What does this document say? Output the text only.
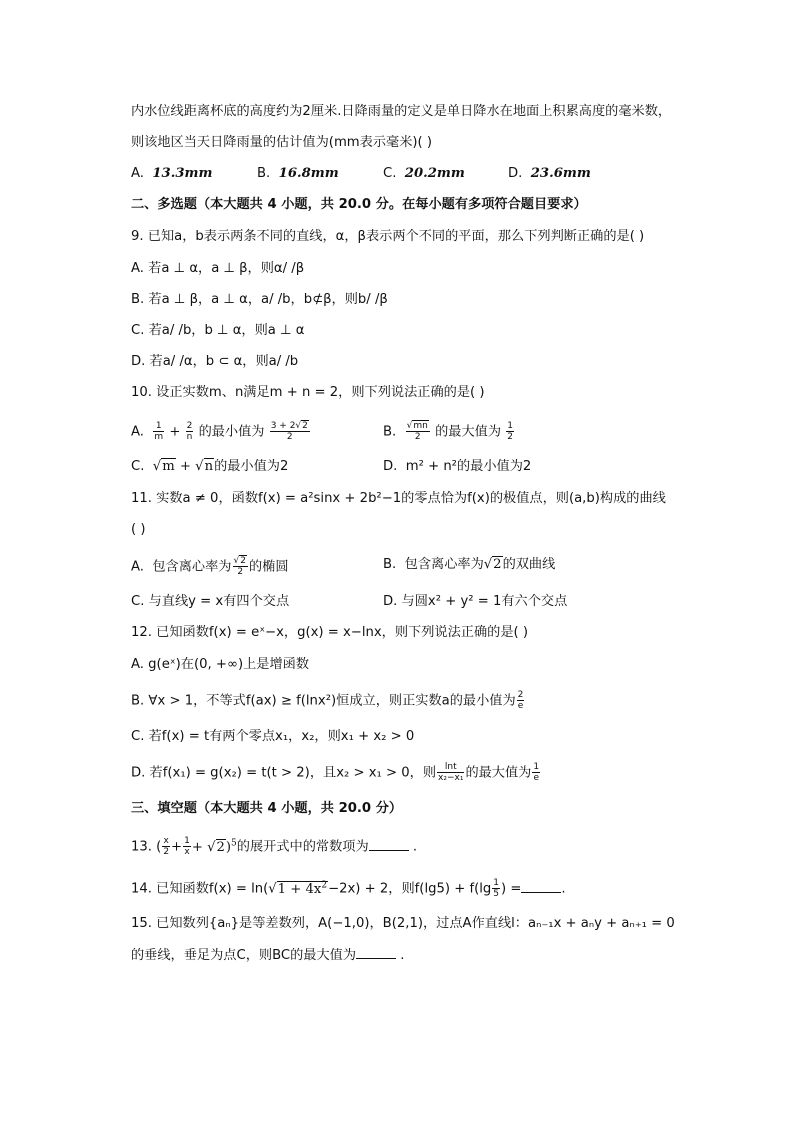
内水位线距离杯底的高度约为2厘米.日降雨量的定义是单日降水在地面上积累高度的毫米数，
则该地区当天日降雨量的估计值为(mm表示毫米)( )
A. 13.3mm	B. 16.8mm	C. 20.2mm	D. 23.6mm
二、多选题（本大题共 4 小题，共 20.0 分。在每小题有多项符合题目要求）
9. 已知a，b表示两条不同的直线，α，β表示两个不同的平面，那么下列判断正确的是( )
A. 若a ⊥ α，a ⊥ β，则α/ /β
B. 若a ⊥ β，a ⊥ α，a/ /b，b⊄β，则b/ /β
C. 若a/ /b，b ⊥ α，则a ⊥ α
D. 若a/ /α，b ⊂ α，则a/ /b
10. 设正实数m、n满足m + n = 2，则下列说法正确的是( )
A. $\frac{1}{m} + \frac{2}{n}$ 的最小值为 $\frac{3 + 2√2}{2}$	B. $\frac{√mn}{2}$ 的最大值为 $\frac{1}{2}$
C. √m + √n的最小值为2	D. m² + n²的最小值为2
11. 实数a ≠ 0，函数f(x) = a²sinx + 2b²−1的零点恰为f(x)的极值点，则(a,b)构成的曲线
( )
A. 包含离心率为 $\frac{√2}{2}$ 的椭圆	B. 包含离心率为√2的双曲线
C. 与直线y = x有四个交点	D. 与圆x² + y² = 1有六个交点
12. 已知函数f(x) = eˣ−x，g(x) = x−lnx，则下列说法正确的是( )
A. g(eˣ)在(0, +∞)上是增函数
B. ∀x > 1，不等式f(ax) ≥ f(lnx²)恒成立，则正实数a的最小值为 $\frac{2}{e}$
C. 若f(x) = t有两个零点x₁，x₂，则x₁ + x₂ > 0
D. 若f(x₁) = g(x₂) = t(t > 2)，且x₂ > x₁ > 0，则 $\frac{\ln t}{\text{x₂−x₁}}$ 的最大值为 $\frac{1}{e}$
三、填空题（本大题共 4 小题，共 20.0 分）
13. ( $\frac{x}{2} + \frac{1}{x} + √2)^5$的展开式中的常数项为	.
14. 已知函数$f(x) = \ln(√1 + 4x^2-2x) + 2$，则$f(\lg 5) + f(\lg \frac{1}{5}$ ) =	.
15. 已知数列{aₙ}是等差数列，A(−1,0)，B(2,1)，过点A作直线l：aₙ₋₁x + aₙy + aₙ₊₁ = 0
的垂线，垂足为点C，则BC的最大值为	.
